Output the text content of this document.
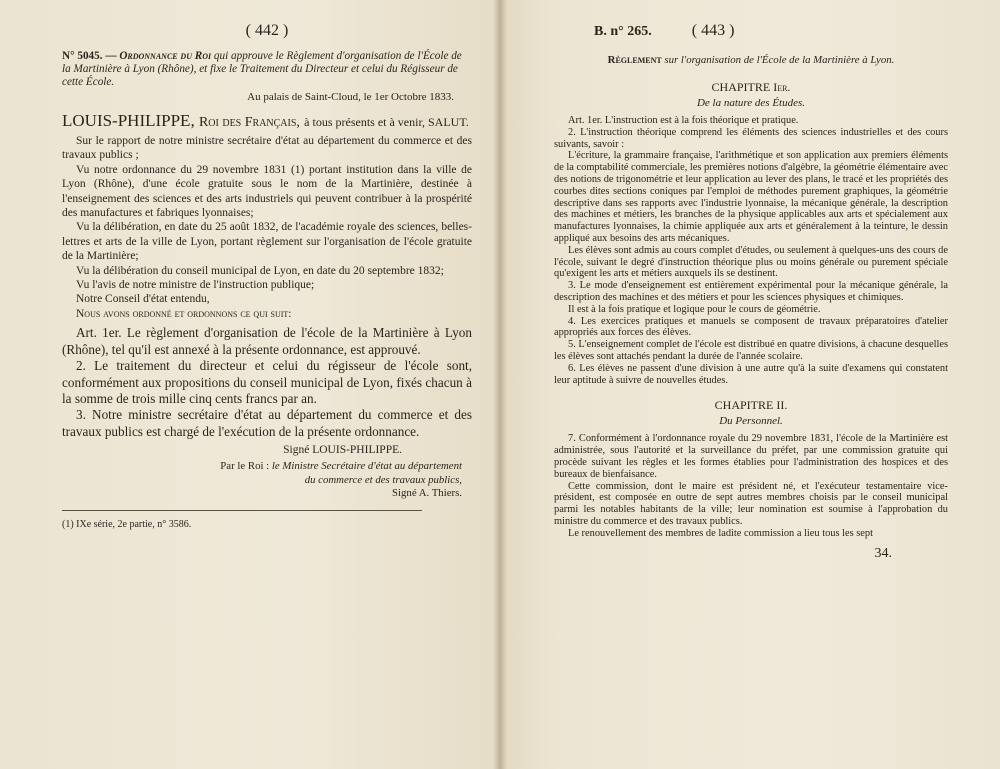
( 442 )
N° 5045. — Ordonnance du Roi qui approuve le Règlement d'organisation de l'École de la Martinière à Lyon (Rhône), et fixe le Traitement du Directeur et celui du Régisseur de cette École.
Au palais de Saint-Cloud, le 1er Octobre 1833.
LOUIS-PHILIPPE, Roi des Français, à tous présents et à venir, SALUT.

Sur le rapport de notre ministre secrétaire d'état au département du commerce et des travaux publics ;

Vu notre ordonnance du 29 novembre 1831 (1) portant institution dans la ville de Lyon (Rhône), d'une école gratuite sous le nom de la Martinière, destinée à l'enseignement des sciences et des arts industriels qui peuvent contribuer à la prospérité des manufactures et fabriques lyonnaises;

Vu la délibération, en date du 25 août 1832, de l'académie royale des sciences, belles-lettres et arts de la ville de Lyon, portant règlement sur l'organisation de l'école gratuite de la Martinière;

Vu la délibération du conseil municipal de Lyon, en date du 20 septembre 1832;

Vu l'avis de notre ministre de l'instruction publique;

Notre Conseil d'état entendu,

Nous avons ordonné et ordonnons ce qui suit:

Art. 1er. Le règlement d'organisation de l'école de la Martinière à Lyon (Rhône), tel qu'il est annexé à la présente ordonnance, est approuvé.

2. Le traitement du directeur et celui du régisseur de l'école sont, conformément aux propositions du conseil municipal de Lyon, fixés chacun à la somme de trois mille cinq cents francs par an.

3. Notre ministre secrétaire d'état au département du commerce et des travaux publics est chargé de l'exécution de la présente ordonnance.

Signé LOUIS-PHILIPPE.
Par le Roi : le Ministre Secrétaire d'état au département
du commerce et des travaux publics,
Signé A. Thiers.
(1) IXe série, 2e partie, n° 3586.
B. n° 265.	( 443 )
Règlement sur l'organisation de l'École de la Martinière à Lyon.
CHAPITRE Ier.
De la nature des Études.

Art. 1er. L'instruction est à la fois théorique et pratique.

2. L'instruction théorique comprend les éléments des sciences industrielles et des cours suivants, savoir :

L'écriture, la grammaire française, l'arithmétique et son application aux premiers éléments de la comptabilité commerciale, les premières notions d'algèbre, la géométrie élémentaire avec des notions de trigonométrie et leur application au lever des plans, le tracé et les propriétés des courbes dites sections coniques par l'emploi de méthodes purement graphiques, la géométrie descriptive dans ses rapports avec l'industrie lyonnaise, la mécanique générale, la description des machines et métiers, les branches de la physique applicables aux arts et spécialement aux manufactures lyonnaises, la chimie appliquée aux arts et généralement à la teinture, le dessin appliqué aux besoins des arts mécaniques.

Les élèves sont admis au cours complet d'études, ou seulement à quelques-uns des cours de l'école, suivant le degré d'instruction théorique plus ou moins générale ou purement spéciale qu'exigent les arts et métiers auxquels ils se destinent.

3. Le mode d'enseignement est entièrement expérimental pour la mécanique générale, la description des machines et des métiers et pour les sciences physiques et chimiques.

Il est à la fois pratique et logique pour le cours de géométrie.

4. Les exercices pratiques et manuels se composent de travaux préparatoires d'atelier appropriés aux forces des élèves.

5. L'enseignement complet de l'école est distribué en quatre divisions, à chacune desquelles les élèves sont attachés pendant la durée de l'année scolaire.

6. Les élèves ne passent d'une division à une autre qu'à la suite d'examens qui constatent leur aptitude à suivre de nouvelles études.

CHAPITRE II.
Du Personnel.

7. Conformément à l'ordonnance royale du 29 novembre 1831, l'école de la Martinière est administrée, sous l'autorité et la surveillance du préfet, par une commission gratuite qui procède suivant les règles et les formes établies pour l'administration des hospices et des bureaux de bienfaisance.

Cette commission, dont le maire est président né, et l'exécuteur testamentaire vice-président, est composée en outre de sept autres membres choisis par le conseil municipal parmi les notables habitants de la ville; leur nomination est soumise à l'approbation du ministre du commerce et des travaux publics.

Le renouvellement des membres de ladite commission a lieu tous les sept

34.
